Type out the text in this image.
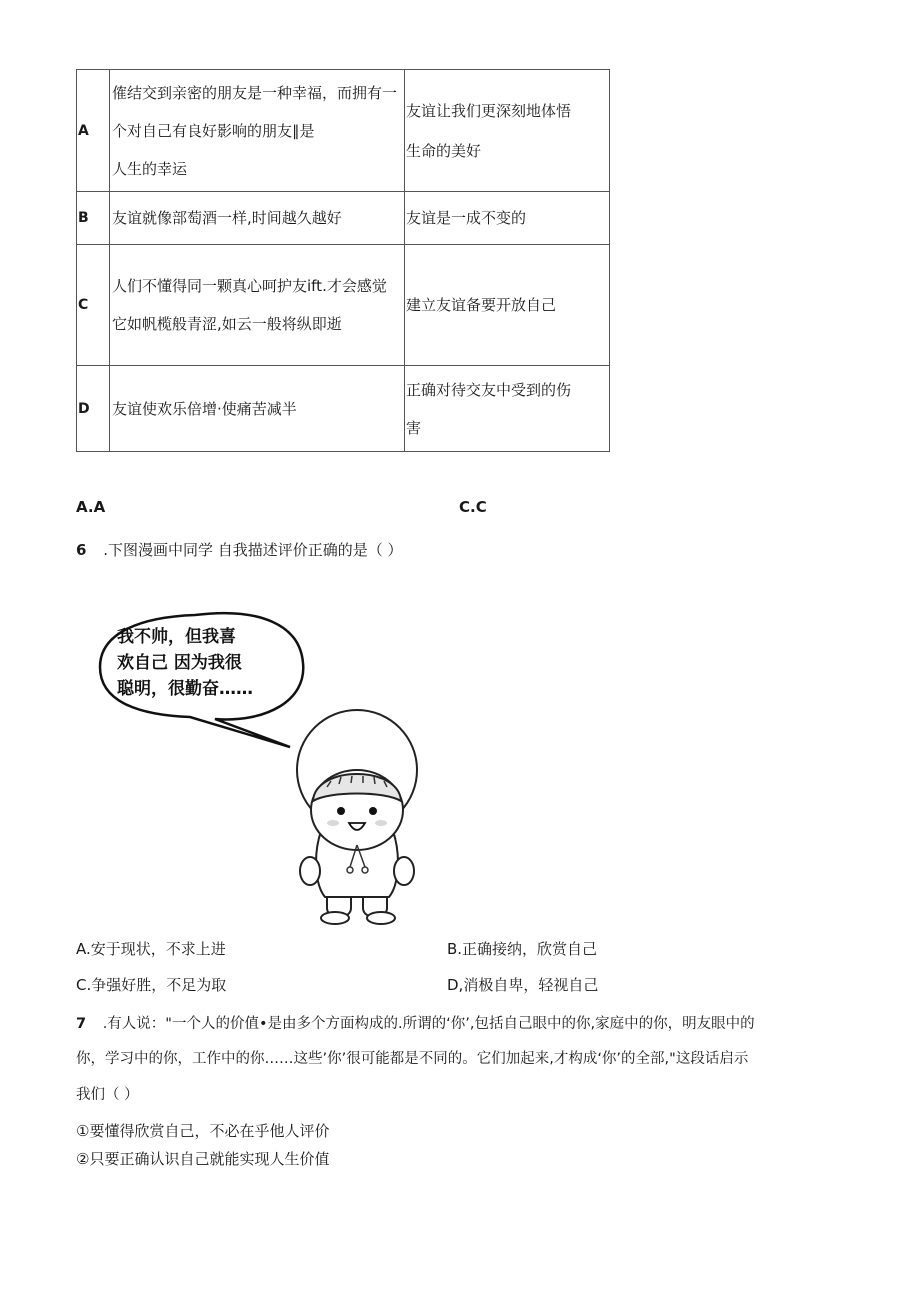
A	傕结交到亲密的朋友是一种幸福，而拥有一
个对自己有良好影响的朋友∥是
人生的幸运	友谊让我们更深刻地体悟
生命的美好

B	友谊就像部萄酒一样,时间越久越好	友谊是一成不变的

C	人们不懂得同一颗真心呵护友ift.才会感觉
它如帆榄般青涩,如云一般将纵即逝	建立友谊备要开放自己

D	友谊使欢乐倍增·使痛苦减半	正确对待交友中受到的伤
害
A.A	C.C
6 .下图漫画中同学 自我描述评价正确的是（ ）
我不帅，但我喜
欢自己 因为我很
聪明，很勤奋……
A.安于现状，不求上进	B.正确接纳，欣赏自己
C.争强好胜，不足为取	D,消极自卑，轻视自己
7 .有人说："一个人的价值•是由多个方面构成的.所谓的‘你’,包括自己眼中的你,家庭中的你，明友眼中的
你，学习中的你，工作中的你……这些’你’很可能都是不同的。它们加起来,才构成‘你’的全部,"这段话启示
我们（ ）
①要懂得欣赏自己，不必在乎他人评价
②只要正确认识自己就能实现人生价值
